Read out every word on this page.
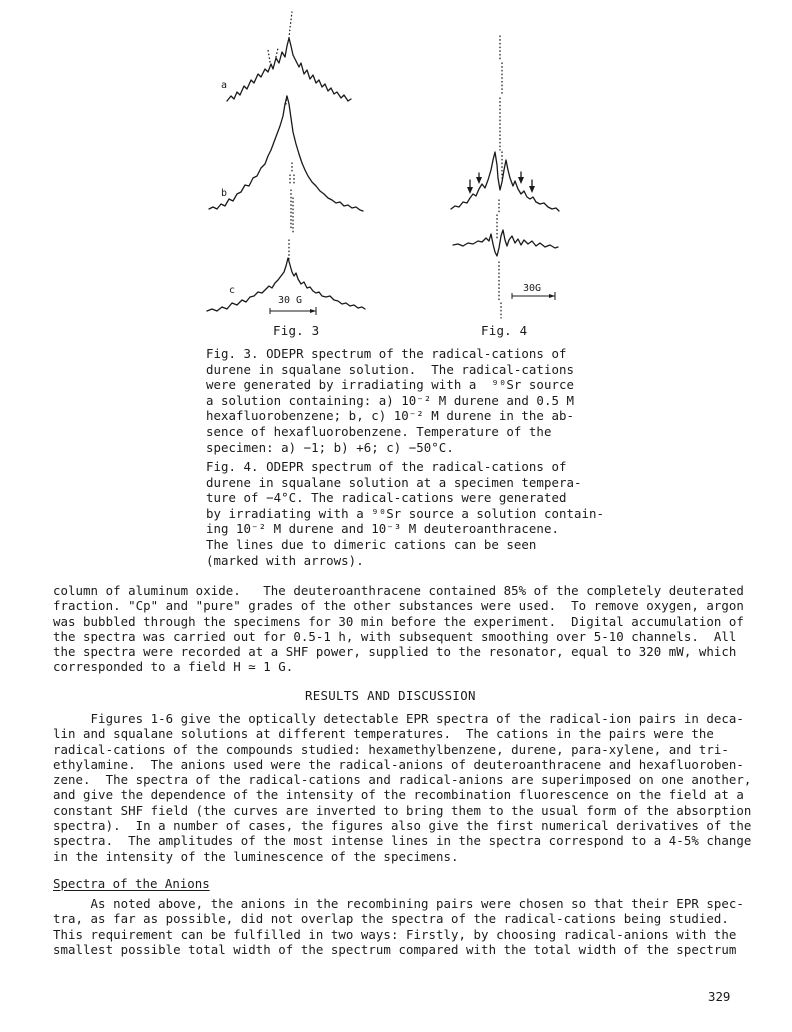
a
b
c
30 G
30G
Fig. 3	Fig. 4
Fig. 3. ODEPR spectrum of the radical-cations of
durene in squalane solution.  The radical-cations
were generated by irradiating with a  ⁹⁰Sr source
a solution containing: a) 10⁻² M durene and 0.5 M
hexafluorobenzene; b, c) 10⁻² M durene in the ab-
sence of hexafluorobenzene. Temperature of the
specimen: a) −1; b) +6; c) −50°C.
Fig. 4. ODEPR spectrum of the radical-cations of
durene in squalane solution at a specimen tempera-
ture of −4°C. The radical-cations were generated
by irradiating with a ⁹⁰Sr source a solution contain-
ing 10⁻² M durene and 10⁻³ M deuteroanthracene.
The lines due to dimeric cations can be seen
(marked with arrows).
column of aluminum oxide.   The deuteroanthracene contained 85% of the completely deuterated
fraction. "Cp" and "pure" grades of the other substances were used.  To remove oxygen, argon
was bubbled through the specimens for 30 min before the experiment.  Digital accumulation of
the spectra was carried out for 0.5-1 h, with subsequent smoothing over 5-10 channels.  All
the spectra were recorded at a SHF power, supplied to the resonator, equal to 320 mW, which
corresponded to a field H ≃ 1 G.
RESULTS AND DISCUSSION
Figures 1-6 give the optically detectable EPR spectra of the radical-ion pairs in deca-
lin and squalane solutions at different temperatures.  The cations in the pairs were the
radical-cations of the compounds studied: hexamethylbenzene, durene, para-xylene, and tri-
ethylamine.  The anions used were the radical-anions of deuteroanthracene and hexafluoroben-
zene.  The spectra of the radical-cations and radical-anions are superimposed on one another,
and give the dependence of the intensity of the recombination fluorescence on the field at a
constant SHF field (the curves are inverted to bring them to the usual form of the absorption
spectra).  In a number of cases, the figures also give the first numerical derivatives of the
spectra.  The amplitudes of the most intense lines in the spectra correspond to a 4-5% change
in the intensity of the luminescence of the specimens.
Spectra of the Anions
As noted above, the anions in the recombining pairs were chosen so that their EPR spec-
tra, as far as possible, did not overlap the spectra of the radical-cations being studied.
This requirement can be fulfilled in two ways: Firstly, by choosing radical-anions with the
smallest possible total width of the spectrum compared with the total width of the spectrum
329
